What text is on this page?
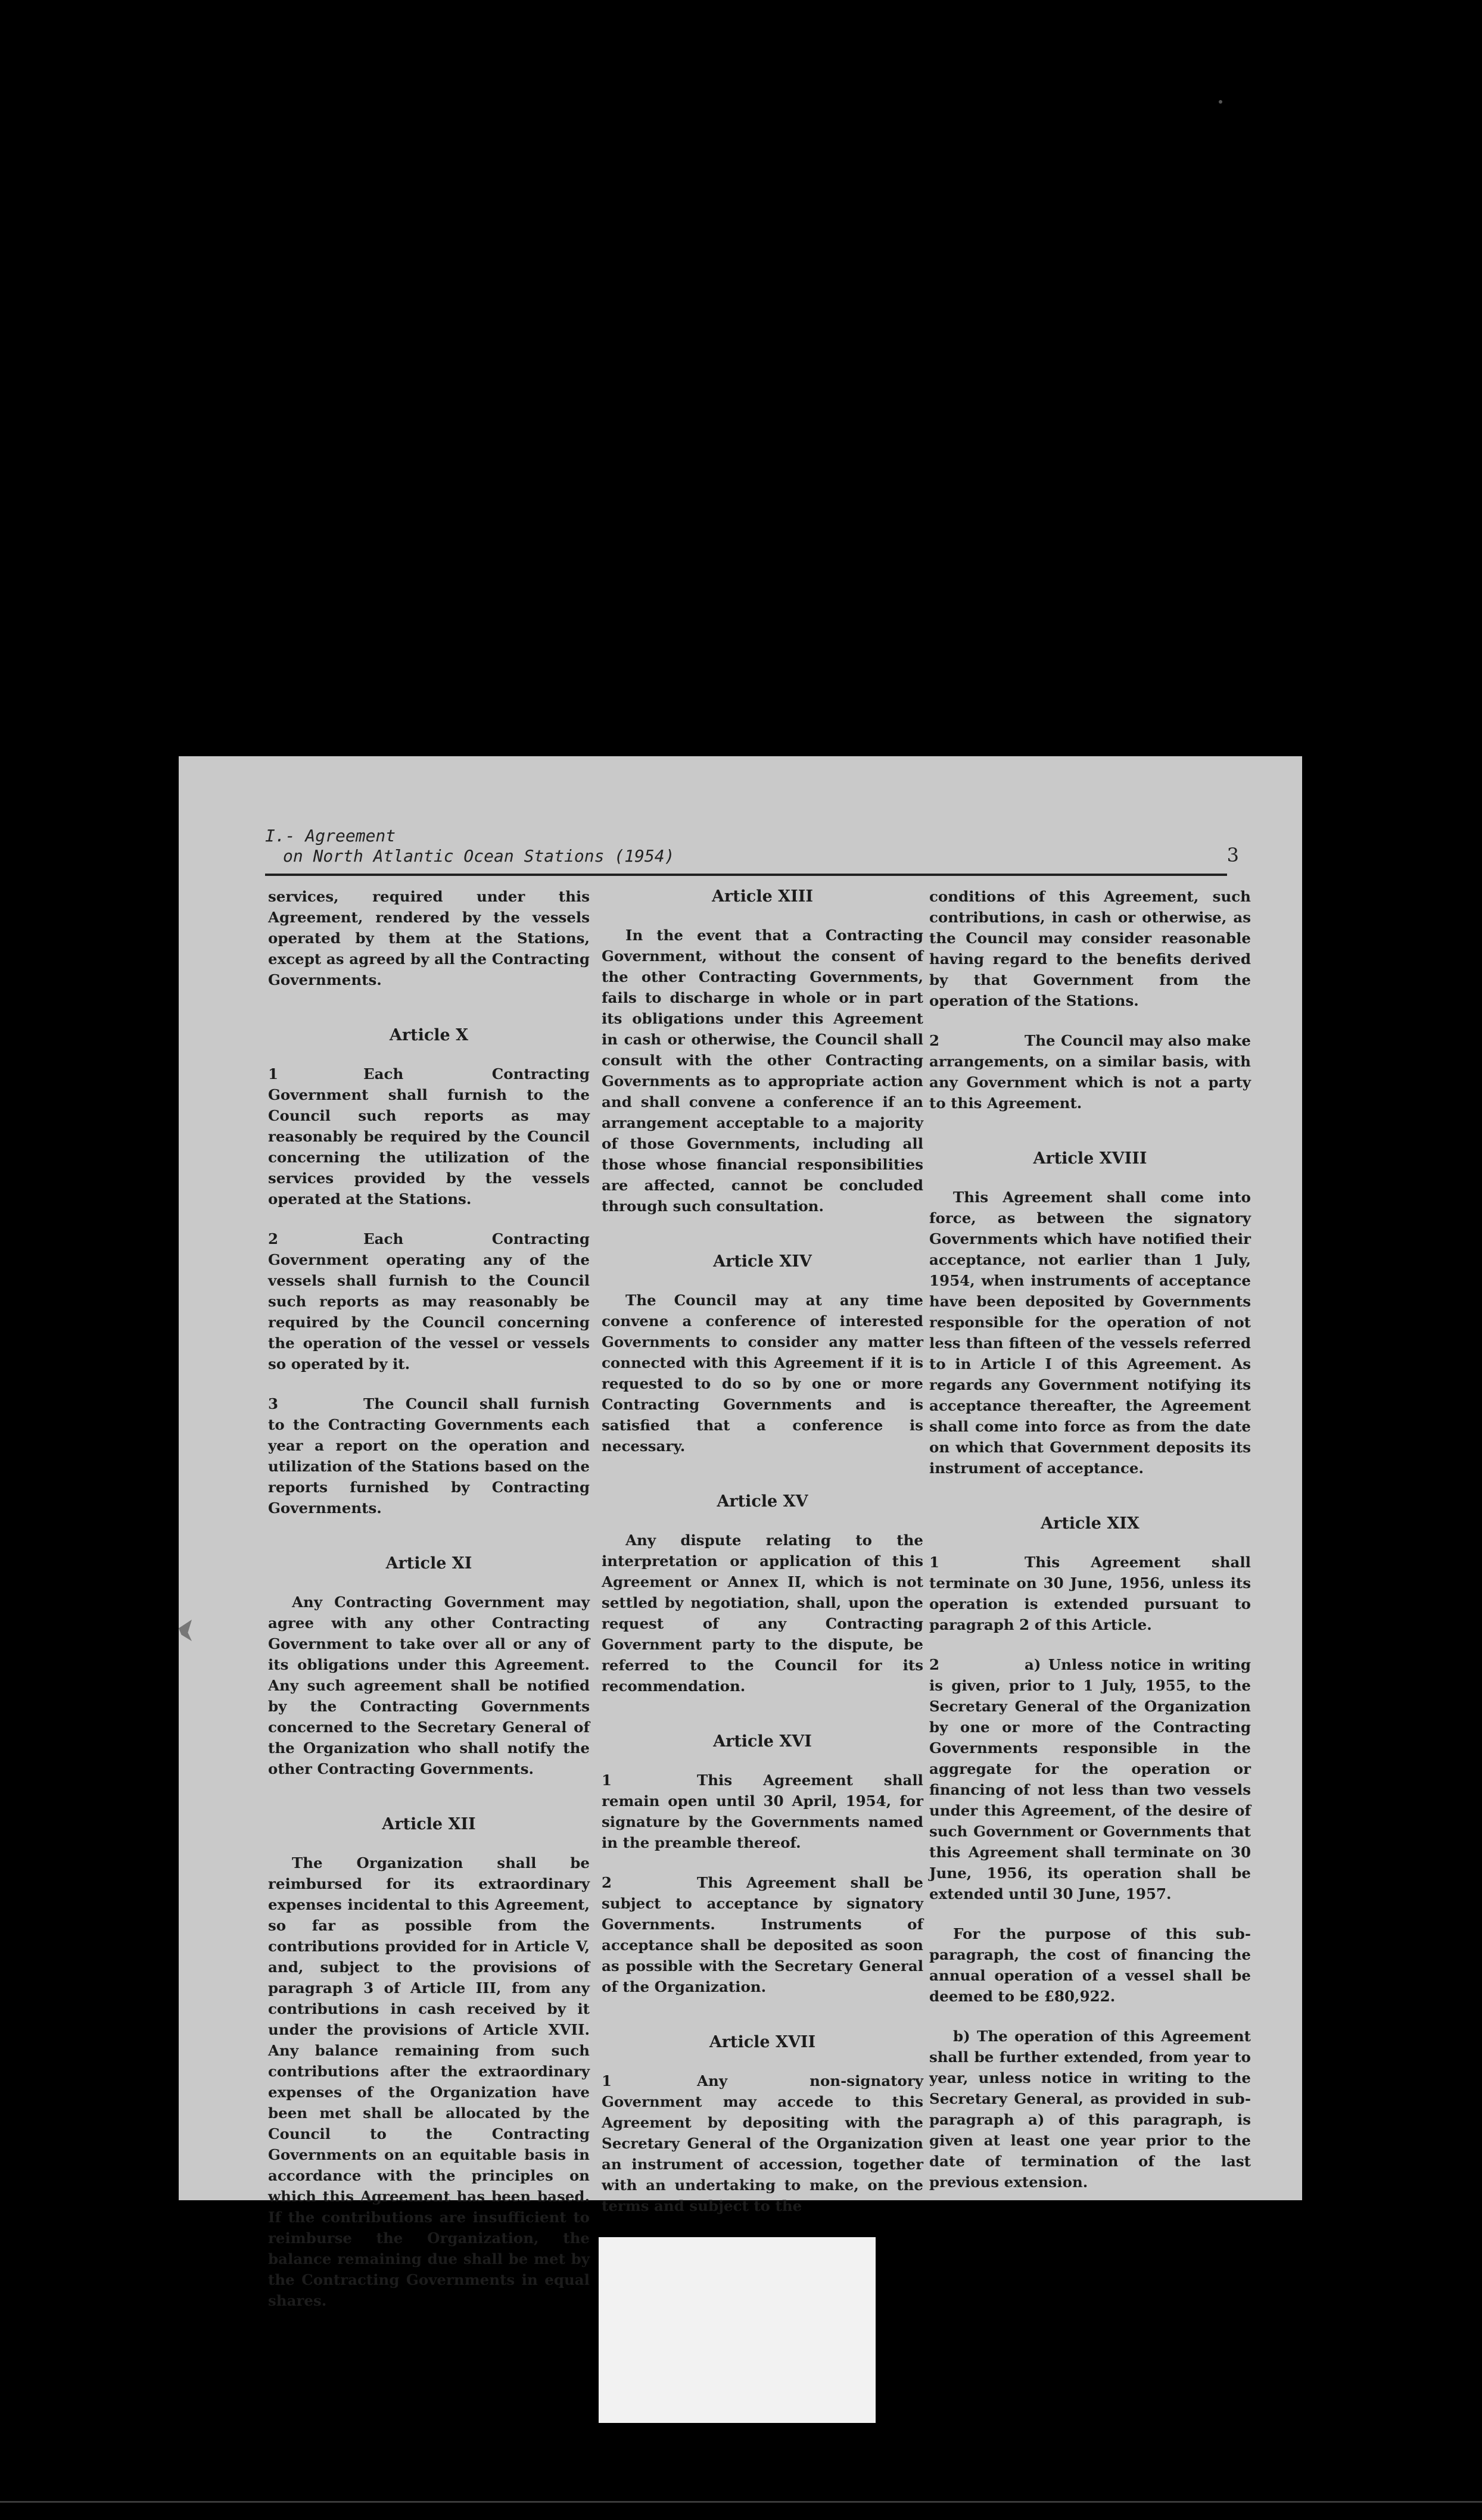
I.- Agreement
on North Atlantic Ocean Stations (1954)	3

services, required under this Agreement, rendered by the vessels operated by them at the Stations, except as agreed by all the Contracting Governments.

Article X

1	Each Contracting Government shall furnish to the Council such reports as may reasonably be required by the Council concerning the utilization of the services provided by the vessels operated at the Stations.

2	Each Contracting Government operating any of the vessels shall furnish to the Council such reports as may reasonably be required by the Council concerning the operation of the vessel or vessels so operated by it.

3	The Council shall furnish to the Contracting Governments each year a report on the operation and utilization of the Stations based on the reports furnished by Contracting Governments.

Article XI

Any Contracting Government may agree with any other Contracting Government to take over all or any of its obligations under this Agreement. Any such agreement shall be notified by the Contracting Governments concerned to the Secretary General of the Organization who shall notify the other Contracting Governments.

Article XII

The Organization shall be reimbursed for its extraordinary expenses incidental to this Agreement, so far as possible from the contributions provided for in Article V, and, subject to the provisions of paragraph 3 of Article III, from any contributions in cash received by it under the provisions of Article XVII. Any balance remaining from such contributions after the extraordinary expenses of the Organization have been met shall be allocated by the Council to the Contracting Governments on an equitable basis in accordance with the principles on which this Agreement has been based. If the contributions are insufficient to reimburse the Organization, the balance remaining due shall be met by the Contracting Governments in equal shares.

Article XIII

In the event that a Contracting Government, without the consent of the other Contracting Governments, fails to discharge in whole or in part its obligations under this Agreement in cash or otherwise, the Council shall consult with the other Contracting Governments as to appropriate action and shall convene a conference if an arrangement acceptable to a majority of those Governments, including all those whose financial responsibilities are affected, cannot be concluded through such consultation.

Article XIV

The Council may at any time convene a conference of interested Governments to consider any matter connected with this Agreement if it is requested to do so by one or more Contracting Governments and is satisfied that a conference is necessary.

Article XV

Any dispute relating to the interpretation or application of this Agreement or Annex II, which is not settled by negotiation, shall, upon the request of any Contracting Government party to the dispute, be referred to the Council for its recommendation.

Article XVI

1	This Agreement shall remain open until 30 April, 1954, for signature by the Governments named in the preamble thereof.

2	This Agreement shall be subject to acceptance by signatory Governments. Instruments of acceptance shall be deposited as soon as possible with the Secretary General of the Organization.

Article XVII

1	Any non-signatory Government may accede to this Agreement by depositing with the Secretary General of the Organization an instrument of accession, together with an undertaking to make, on the terms and subject to the

conditions of this Agreement, such contributions, in cash or otherwise, as the Council may consider reasonable having regard to the benefits derived by that Government from the operation of the Stations.

2	The Council may also make arrangements, on a similar basis, with any Government which is not a party to this Agreement.

Article XVIII

This Agreement shall come into force, as between the signatory Governments which have notified their acceptance, not earlier than 1 July, 1954, when instruments of acceptance have been deposited by Governments responsible for the operation of not less than fifteen of the vessels referred to in Article I of this Agreement. As regards any Government notifying its acceptance thereafter, the Agreement shall come into force as from the date on which that Government deposits its instrument of acceptance.

Article XIX

1	This Agreement shall terminate on 30 June, 1956, unless its operation is extended pursuant to paragraph 2 of this Article.

2	a) Unless notice in writing is given, prior to 1 July, 1955, to the Secretary General of the Organization by one or more of the Contracting Governments responsible in the aggregate for the operation or financing of not less than two vessels under this Agreement, of the desire of such Government or Governments that this Agreement shall terminate on 30 June, 1956, its operation shall be extended until 30 June, 1957.

For the purpose of this sub-paragraph, the cost of financing the annual operation of a vessel shall be deemed to be £80,922.

b) The operation of this Agreement shall be further extended, from year to year, unless notice in writing to the Secretary General, as provided in sub-paragraph a) of this paragraph, is given at least one year prior to the date of termination of the last previous extension.
